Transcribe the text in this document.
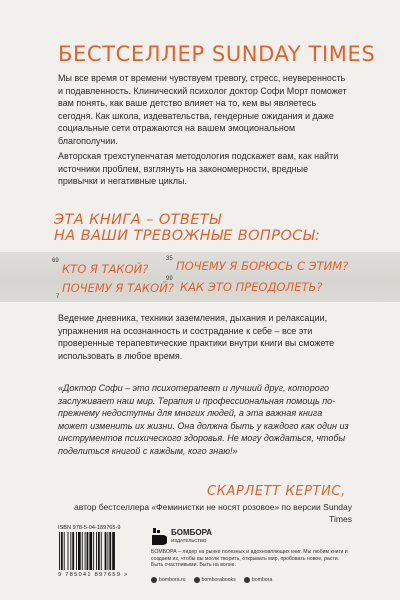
БЕСТСЕЛЛЕР SUNDAY TIMES
Мы все время от времени чувствуем тревогу, стресс, неуверенность и подавленность. Клинический психолог доктор Софи Морт поможет вам понять, как ваше детство влияет на то, кем вы являетесь сегодня. Как школа, издевательства, гендерные ожидания и даже социальные сети отражаются на вашем эмоциональном благополучии.
Авторская трехступенчатая методология подскажет вам, как найти источники проблем, взглянуть на закономерности, вредные привычки и негативные циклы.
ЭТА КНИГА – ОТВЕТЫ
НА ВАШИ ТРЕВОЖНЫЕ ВОПРОСЫ:
69
КТО Я ТАКОЙ?
35 ПОЧЕМУ Я БОРЮСЬ С ЭТИМ?
7
ПОЧЕМУ Я ТАКОЙ?
99
КАК ЭТО ПРЕОДОЛЕТЬ?
Ведение дневника, техники заземления, дыхания и релаксации, упражнения на осознанность и сострадание к себе – все эти проверенные терапевтические практики внутри книги вы сможете использовать в любое время.
«Доктор Софи – это психотерапевт и лучший друг, которого заслуживает наш мир. Терапия и профессиональная помощь по-прежнему недоступны для многих людей, а эта важная книга может изменить их жизни. Она должна быть у каждого как один из инструментов психического здоровья. Не могу дождаться, чтобы поделиться книгой с каждым, кого знаю!»
СКАРЛЕТТ КЕРТИС,
автор бестселлера «Феминистки не носят розовое» по версии Sunday Times
ISBN 978-5-04-189765-9
9 785041 897659 >
БОМБОРА
ИЗДАТЕЛЬСТВО
БОМБОРА – лидер на рынке полезных и вдохновляющих книг. Мы любим книги и создаем их, чтобы вы могли творить, открывать мир, пробовать новое, расти. Быть счастливыми. Быть на волне.
bombora.ru	bomborabooks	bombora
